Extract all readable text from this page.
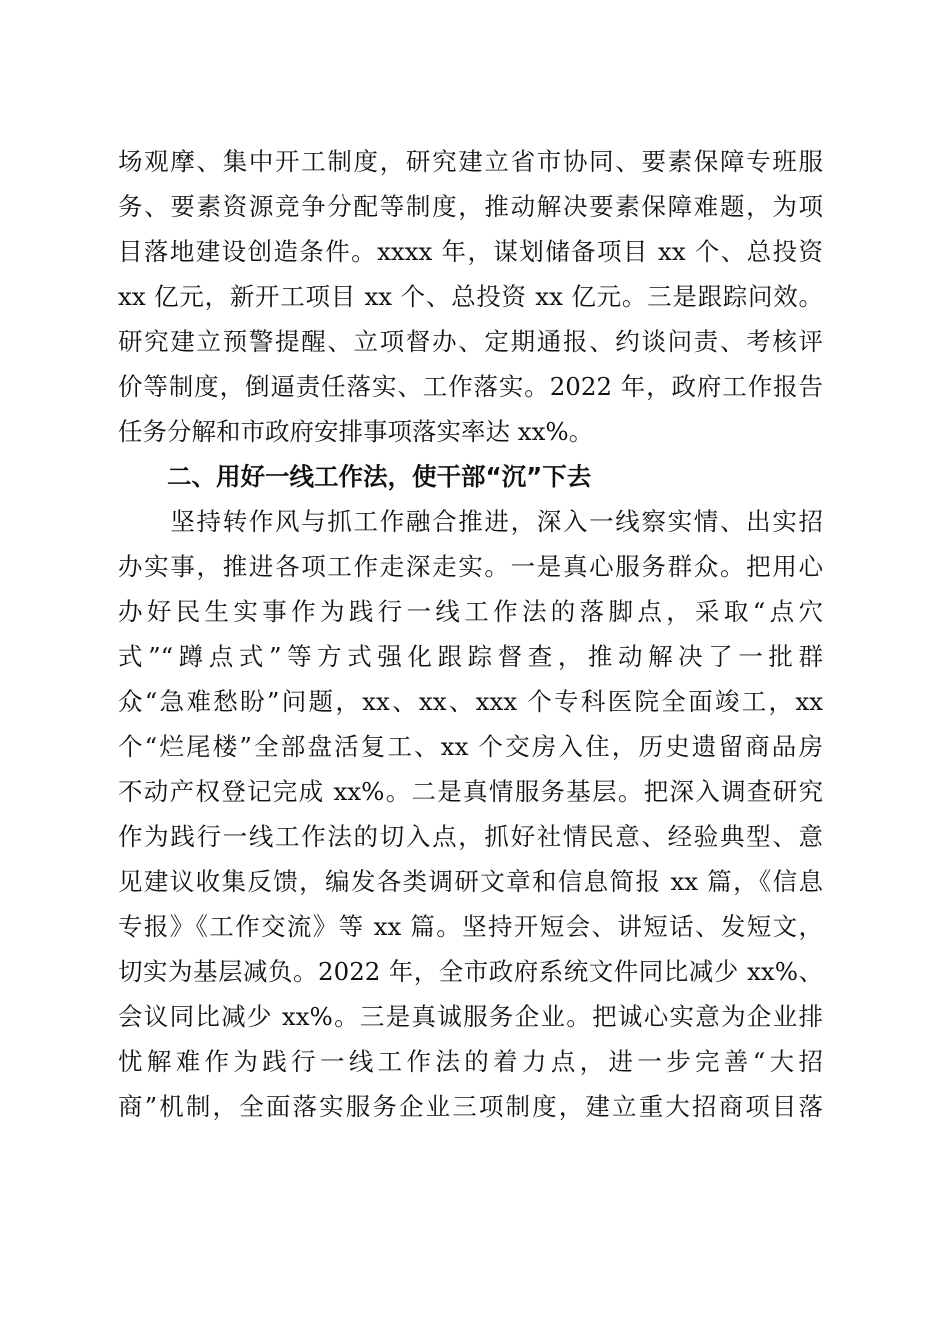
场观摩、集中开工制度，研究建立省市协同、要素保障专班服
务、要素资源竞争分配等制度，推动解决要素保障难题，为项
目落地建设创造条件。xxxx 年，谋划储备项目 xx 个、总投资
xx 亿元，新开工项目 xx 个、总投资 xx 亿元。三是跟踪问效。
研究建立预警提醒、立项督办、定期通报、约谈问责、考核评
价等制度，倒逼责任落实、工作落实。2022 年，政府工作报告
任务分解和市政府安排事项落实率达 xx%。
二、用好一线工作法，使干部“沉”下去
　　坚持转作风与抓工作融合推进，深入一线察实情、出实招
办实事，推进各项工作走深走实。一是真心服务群众。把用心
办好民生实事作为践行一线工作法的落脚点，采取“点穴
式”“蹲点式”等方式强化跟踪督查，推动解决了一批群
众“急难愁盼”问题，xx、xx、xxx 个专科医院全面竣工，xx
个“烂尾楼”全部盘活复工、xx 个交房入住，历史遗留商品房
不动产权登记完成 xx%。二是真情服务基层。把深入调查研究
作为践行一线工作法的切入点，抓好社情民意、经验典型、意
见建议收集反馈，编发各类调研文章和信息简报 xx 篇，《信息
专报》《工作交流》等 xx 篇。坚持开短会、讲短话、发短文，
切实为基层减负。2022 年，全市政府系统文件同比减少 xx%、
会议同比减少 xx%。三是真诚服务企业。把诚心实意为企业排
忧解难作为践行一线工作法的着力点，进一步完善“大招
商”机制，全面落实服务企业三项制度，建立重大招商项目落
